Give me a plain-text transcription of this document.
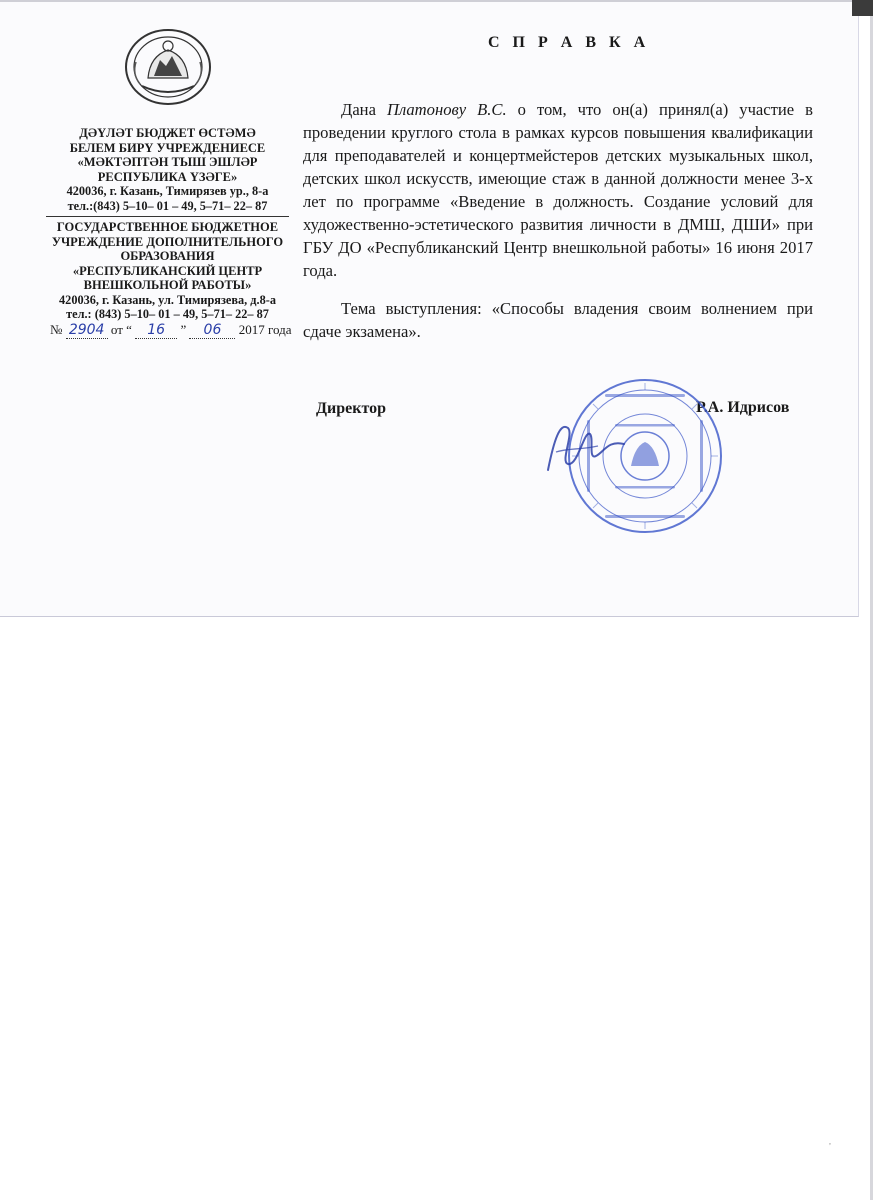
ДӘҮЛӘТ БЮДЖЕТ ӨСТӘМӘ
БЕЛЕМ БИРҮ УЧРЕЖДЕНИЕСЕ
«МӘКТӘПТӘН ТЫШ ЭШЛӘР
РЕСПУБЛИКА ҮЗӘГЕ»
420036, г. Казань, Тимирязев ур., 8-а
тел.:(843) 5–10– 01 – 49, 5–71– 22– 87
ГОСУДАРСТВЕННОЕ БЮДЖЕТНОЕ
УЧРЕЖДЕНИЕ ДОПОЛНИТЕЛЬНОГО
ОБРАЗОВАНИЯ
«РЕСПУБЛИКАНСКИЙ ЦЕНТР
ВНЕШКОЛЬНОЙ РАБОТЫ»
420036, г. Казань, ул. Тимирязева, д.8-а
тел.: (843) 5–10– 01 – 49, 5–71– 22– 87
№ 2904 от “ 16 ” 06 2017 года
С П Р А В К А

Дана Платонову В.С. о том, что он(а) принял(а) участие в проведении круглого стола в рамках курсов повышения квалификации для преподавателей и концертмейстеров детских музыкальных школ, детских школ искусств, имеющие стаж в данной должности менее 3-х лет по программе «Введение в должность. Создание условий для художественно-эстетического развития личности в ДМШ, ДШИ» при ГБУ ДО «Республиканский Центр внешкольной работы» 16 июня 2017 года.

Тема выступления: «Способы владения своим волнением при сдаче экзамена».

Директор	Р.А. Идрисов
,
